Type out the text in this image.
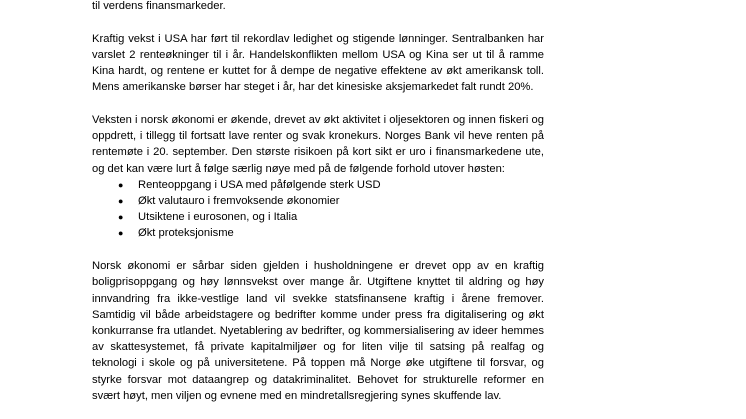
til verdens finansmarkeder.

Kraftig vekst i USA har ført til rekordlav ledighet og stigende lønninger. Sentralbanken har varslet 2 renteøkninger til i år. Handelskonflikten mellom USA og Kina ser ut til å ramme Kina hardt, og rentene er kuttet for å dempe de negative effektene av økt amerikansk toll. Mens amerikanske børser har steget i år, har det kinesiske aksjemarkedet falt rundt 20%.

Veksten i norsk økonomi er økende, drevet av økt aktivitet i oljesektoren og innen fiskeri og oppdrett, i tillegg til fortsatt lave renter og svak kronekurs. Norges Bank vil heve renten på rentemøte i 20. september. Den største risikoen på kort sikt er uro i finansmarkedene ute, og det kan være lurt å følge særlig nøye med på de følgende forhold utover høsten:

● Renteoppgang i USA med påfølgende sterk USD
● Økt valutauro i fremvoksende økonomier
● Utsiktene i eurosonen, og i Italia
● Økt proteksjonisme

Norsk økonomi er sårbar siden gjelden i husholdningene er drevet opp av en kraftig boligprisoppgang og høy lønnsvekst over mange år. Utgiftene knyttet til aldring og høy innvandring fra ikke-vestlige land vil svekke statsfinansene kraftig i årene fremover. Samtidig vil både arbeidstagere og bedrifter komme under press fra digitalisering og økt konkurranse fra utlandet. Nyetablering av bedrifter, og kommersialisering av ideer hemmes av skattesystemet, få private kapitalmiljøer og for liten vilje til satsing på realfag og teknologi i skole og på universitetene. På toppen må Norge øke utgiftene til forsvar, og styrke forsvar mot dataangrep og datakriminalitet. Behovet for strukturelle reformer en svært høyt, men viljen og evnene med en mindretallsregjering synes skuffende lav.
